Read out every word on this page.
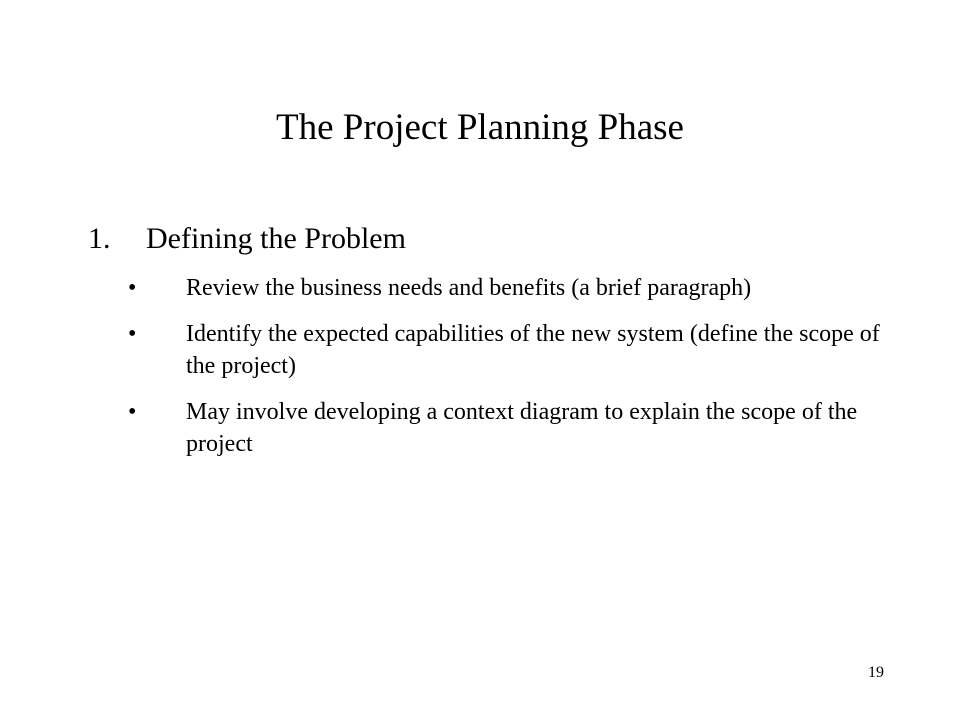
The Project Planning Phase
1.	Defining the Problem
•	Review the business needs and benefits (a brief paragraph)
•	Identify the expected capabilities of the new system (define the scope of the project)
•	May involve developing a context diagram to explain the scope of the project
19
